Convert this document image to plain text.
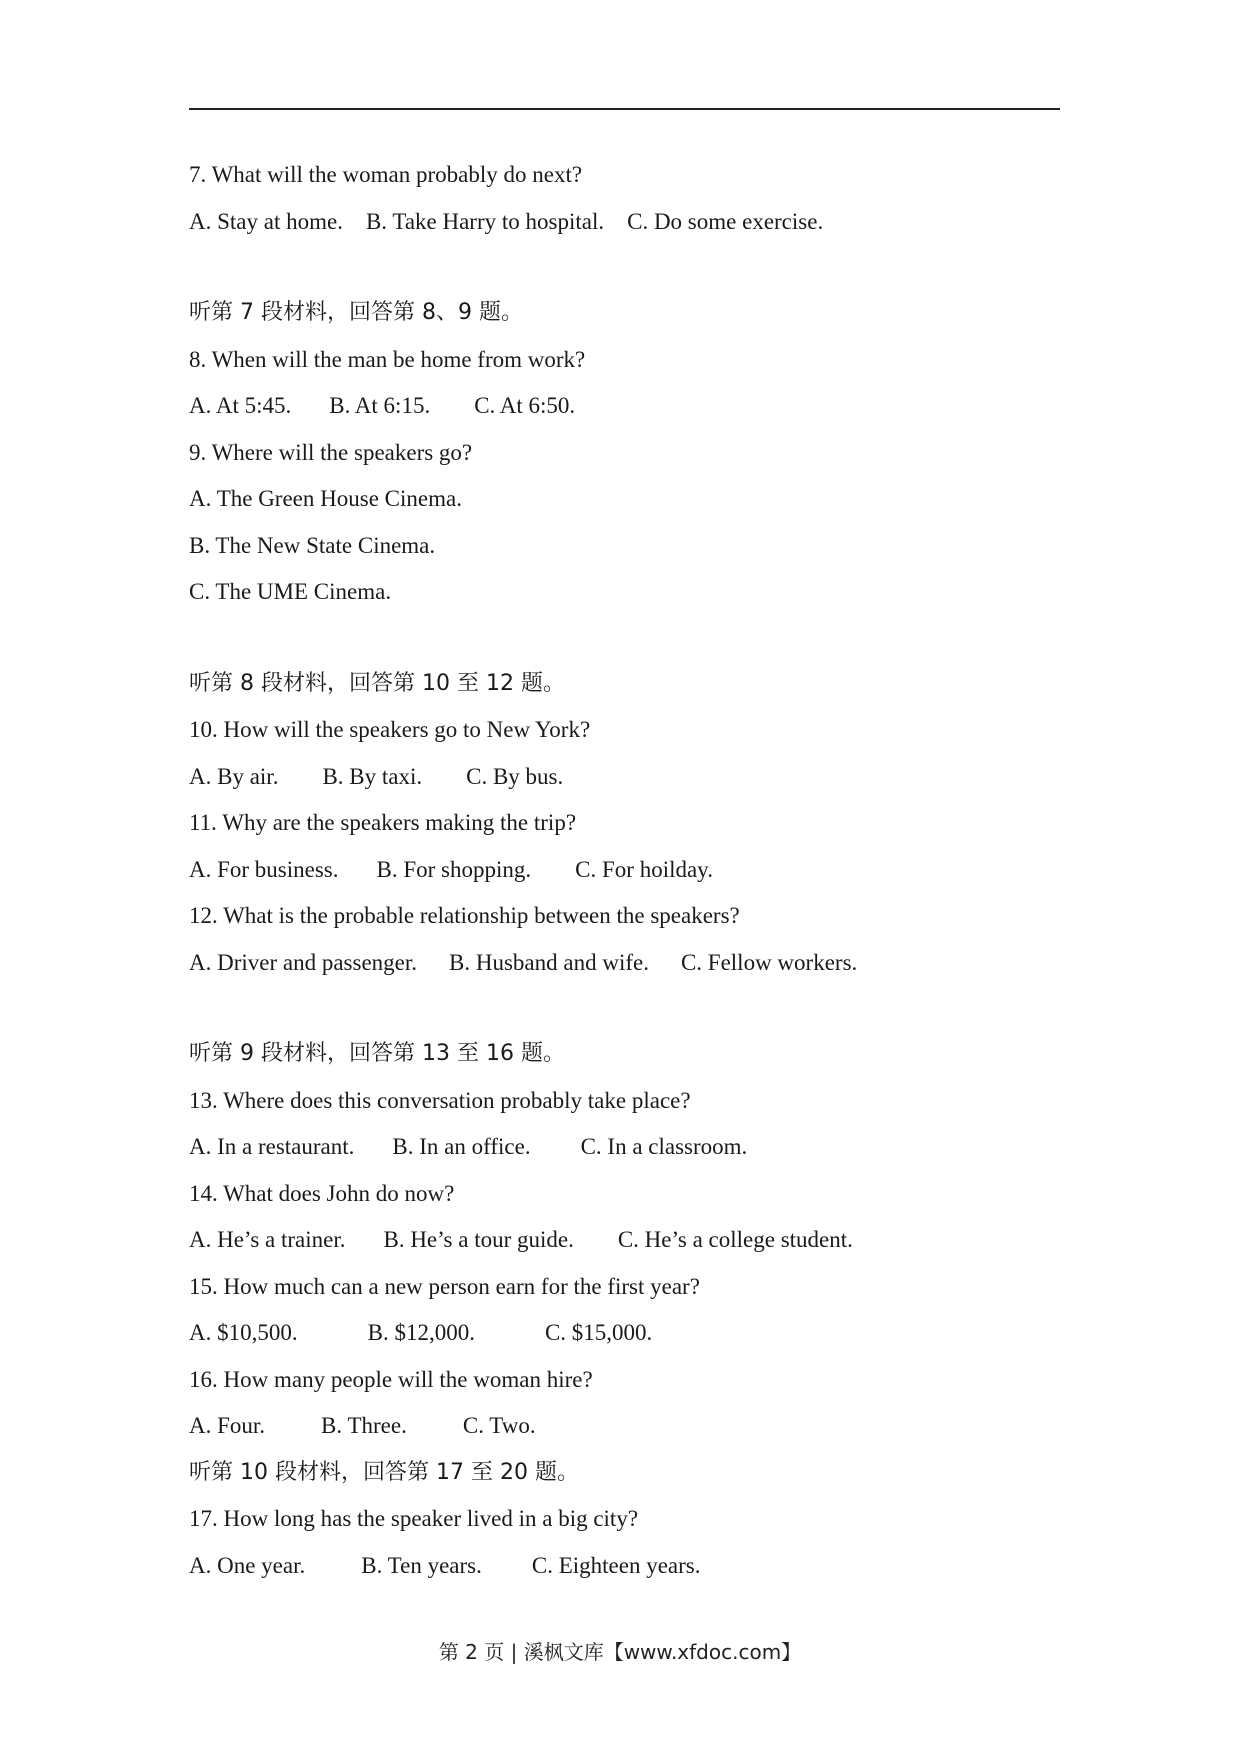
7. What will the woman probably do next?
A. Stay at home. B. Take Harry to hospital. C. Do some exercise.
听第 7 段材料，回答第 8、9 题。
8. When will the man be home from work?
A. At 5:45. B. At 6:15. C. At 6:50.
9. Where will the speakers go?
A. The Green House Cinema.
B. The New State Cinema.
C. The UME Cinema.
听第 8 段材料，回答第 10 至 12 题。
10. How will the speakers go to New York?
A. By air. B. By taxi. C. By bus.
11. Why are the speakers making the trip?
A. For business. B. For shopping. C. For hoilday.
12. What is the probable relationship between the speakers?
A. Driver and passenger. B. Husband and wife. C. Fellow workers.
听第 9 段材料，回答第 13 至 16 题。
13. Where does this conversation probably take place?
A. In a restaurant. B. In an office. C. In a classroom.
14. What does John do now?
A. He’s a trainer. B. He’s a tour guide. C. He’s a college student.
15. How much can a new person earn for the first year?
A. $10,500.	B. $12,000.	C. $15,000.
16. How many people will the woman hire?
A. Four. B. Three. C. Two.
听第 10 段材料，回答第 17 至 20 题。
17. How long has the speaker lived in a big city?
A. One year. B. Ten years. C. Eighteen years.
第 2 页 | 溪枫文库【www.xfdoc.com】
